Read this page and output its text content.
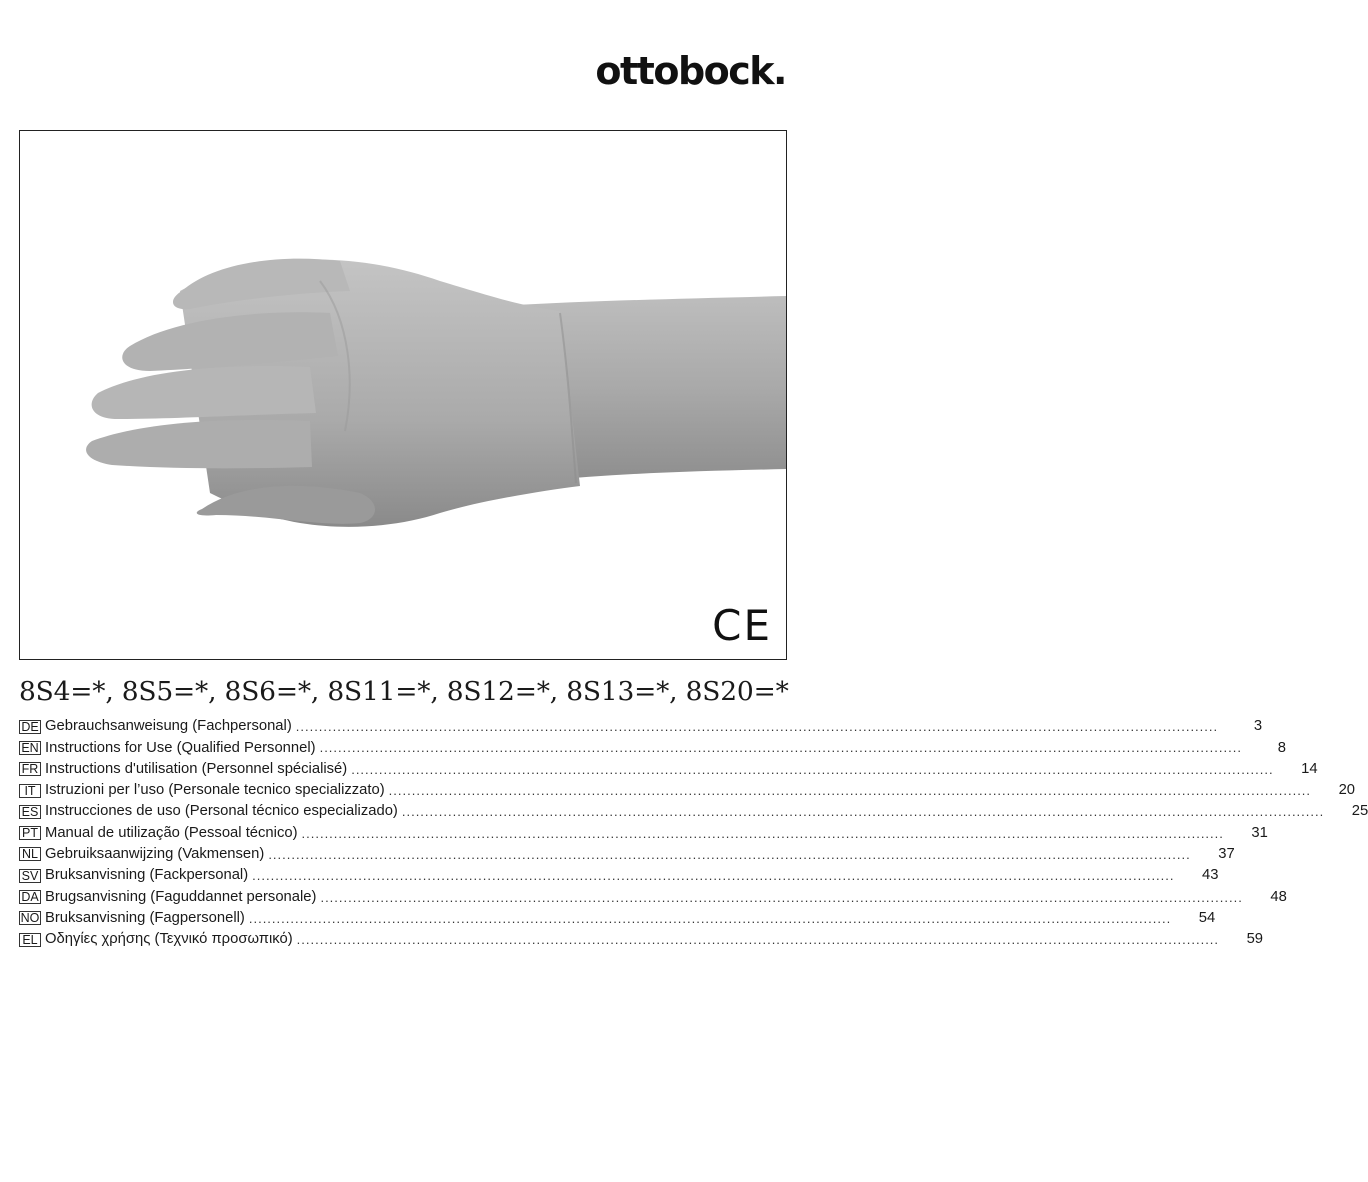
ottobock.
CE
8S4=*, 8S5=*, 8S6=*, 8S11=*, 8S12=*, 8S13=*, 8S20=*
DE Gebrauchsanweisung (Fachpersonal) ........................................................................................................................................................................................................	3
EN Instructions for Use (Qualified Personnel) ........................................................................................................................................................................................................	8
FR Instructions d'utilisation (Personnel spécialisé) ........................................................................................................................................................................................................	14
IT Istruzioni per l’uso (Personale tecnico specializzato) ........................................................................................................................................................................................................	20
ES Instrucciones de uso (Personal técnico especializado) ........................................................................................................................................................................................................	25
PT Manual de utilização (Pessoal técnico) ........................................................................................................................................................................................................	31
NL Gebruiksaanwijzing (Vakmensen) ........................................................................................................................................................................................................	37
SV Bruksanvisning (Fackpersonal) ........................................................................................................................................................................................................	43
DA Brugsanvisning (Faguddannet personale) ........................................................................................................................................................................................................	48
NO Bruksanvisning (Fagpersonell) ........................................................................................................................................................................................................	54
EL Οδηγίες χρήσης (Τεχνικό προσωπικό) ........................................................................................................................................................................................................	59
